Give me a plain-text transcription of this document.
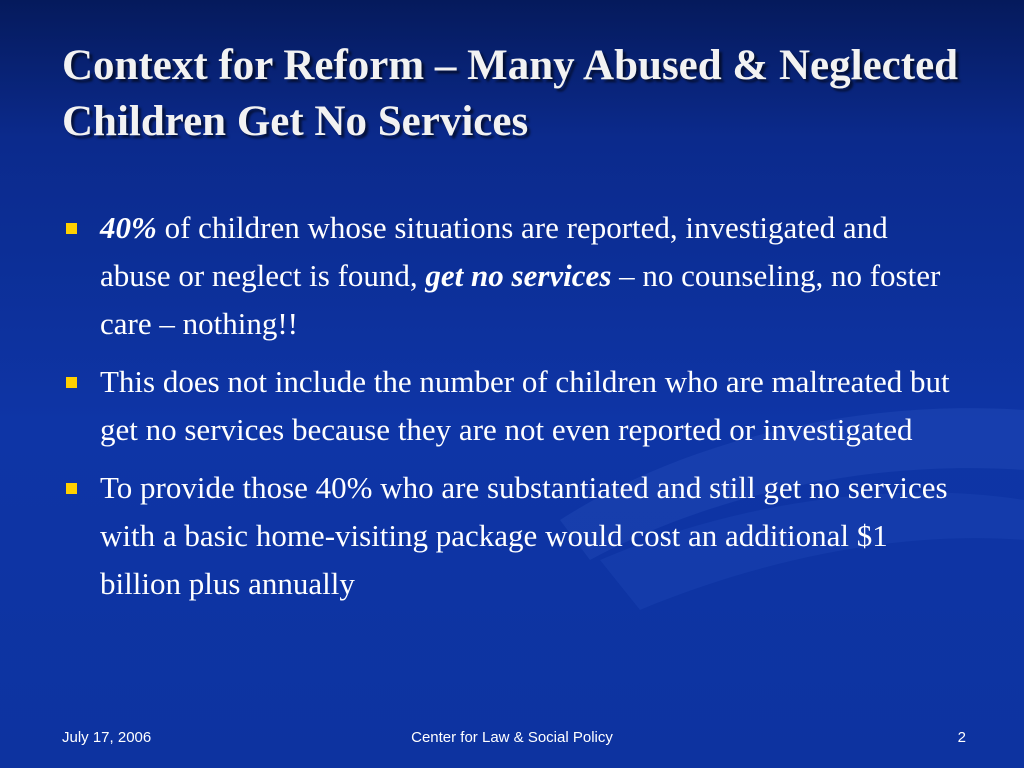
Context for Reform – Many Abused & Neglected Children Get No Services
40% of children whose situations are reported, investigated and abuse or neglect is found, get no services – no counseling, no foster care – nothing!!
This does not include the number of children who are maltreated but get no services because they are not even reported or investigated
To provide those 40% who are substantiated and still get no services with a basic home-visiting package would cost an additional $1 billion plus annually
July 17, 2006	Center for Law & Social Policy	2
